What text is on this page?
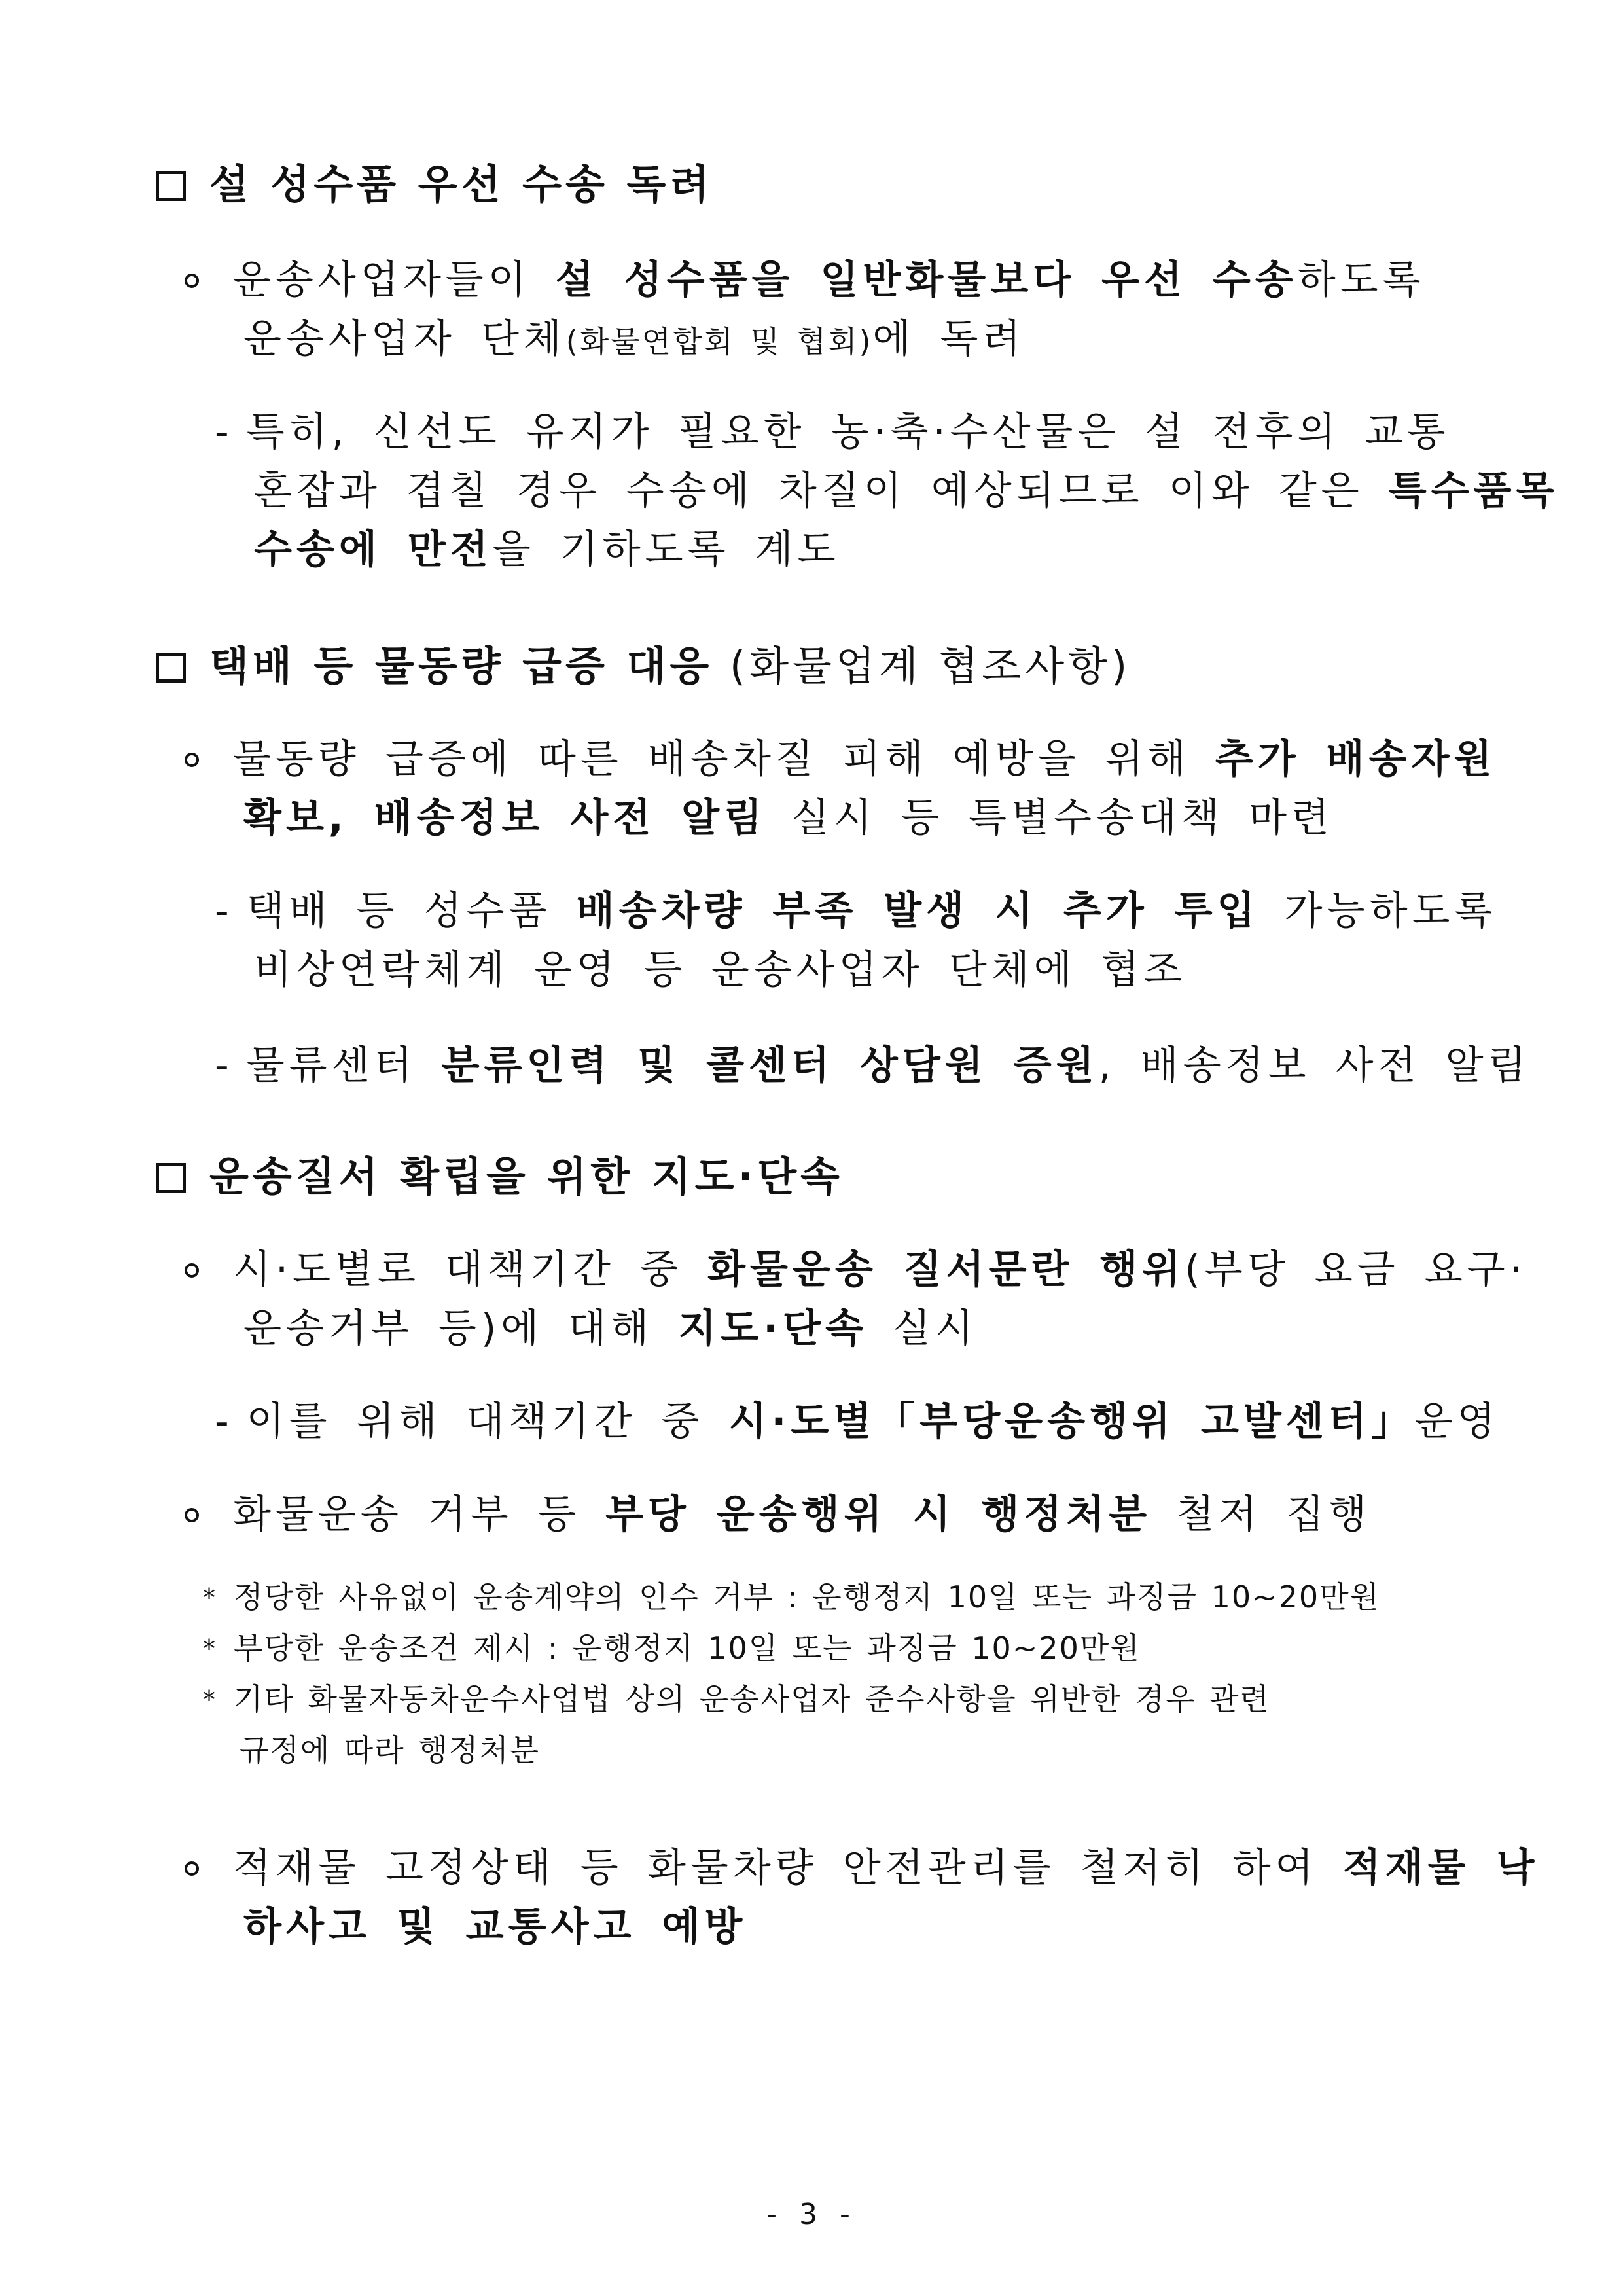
설 성수품 우선 수송 독려
운송사업자들이 설 성수품을 일반화물보다 우선 수송하도록
운송사업자 단체(화물연합회 및 협회)에 독려
- 특히, 신선도 유지가 필요한 농·축·수산물은 설 전후의 교통
혼잡과 겹칠 경우 수송에 차질이 예상되므로 이와 같은 특수품목
수송에 만전을 기하도록 계도
택배 등 물동량 급증 대응 (화물업계 협조사항)
물동량 급증에 따른 배송차질 피해 예방을 위해 추가 배송자원
확보, 배송정보 사전 알림 실시 등 특별수송대책 마련
- 택배 등 성수품 배송차량 부족 발생 시 추가 투입 가능하도록
비상연락체계 운영 등 운송사업자 단체에 협조
- 물류센터 분류인력 및 콜센터 상담원 증원, 배송정보 사전 알림
운송질서 확립을 위한 지도·단속
시·도별로 대책기간 중 화물운송 질서문란 행위(부당 요금 요구·
운송거부 등)에 대해 지도·단속 실시
- 이를 위해 대책기간 중 시·도별「부당운송행위 고발센터」운영
화물운송 거부 등 부당 운송행위 시 행정처분 철저 집행
* 정당한 사유없이 운송계약의 인수 거부 : 운행정지 10일 또는 과징금 10~20만원
* 부당한 운송조건 제시 : 운행정지 10일 또는 과징금 10~20만원
* 기타 화물자동차운수사업법 상의 운송사업자 준수사항을 위반한 경우 관련
규정에 따라 행정처분
적재물 고정상태 등 화물차량 안전관리를 철저히 하여 적재물 낙
하사고 및 교통사고 예방
- 3 -
